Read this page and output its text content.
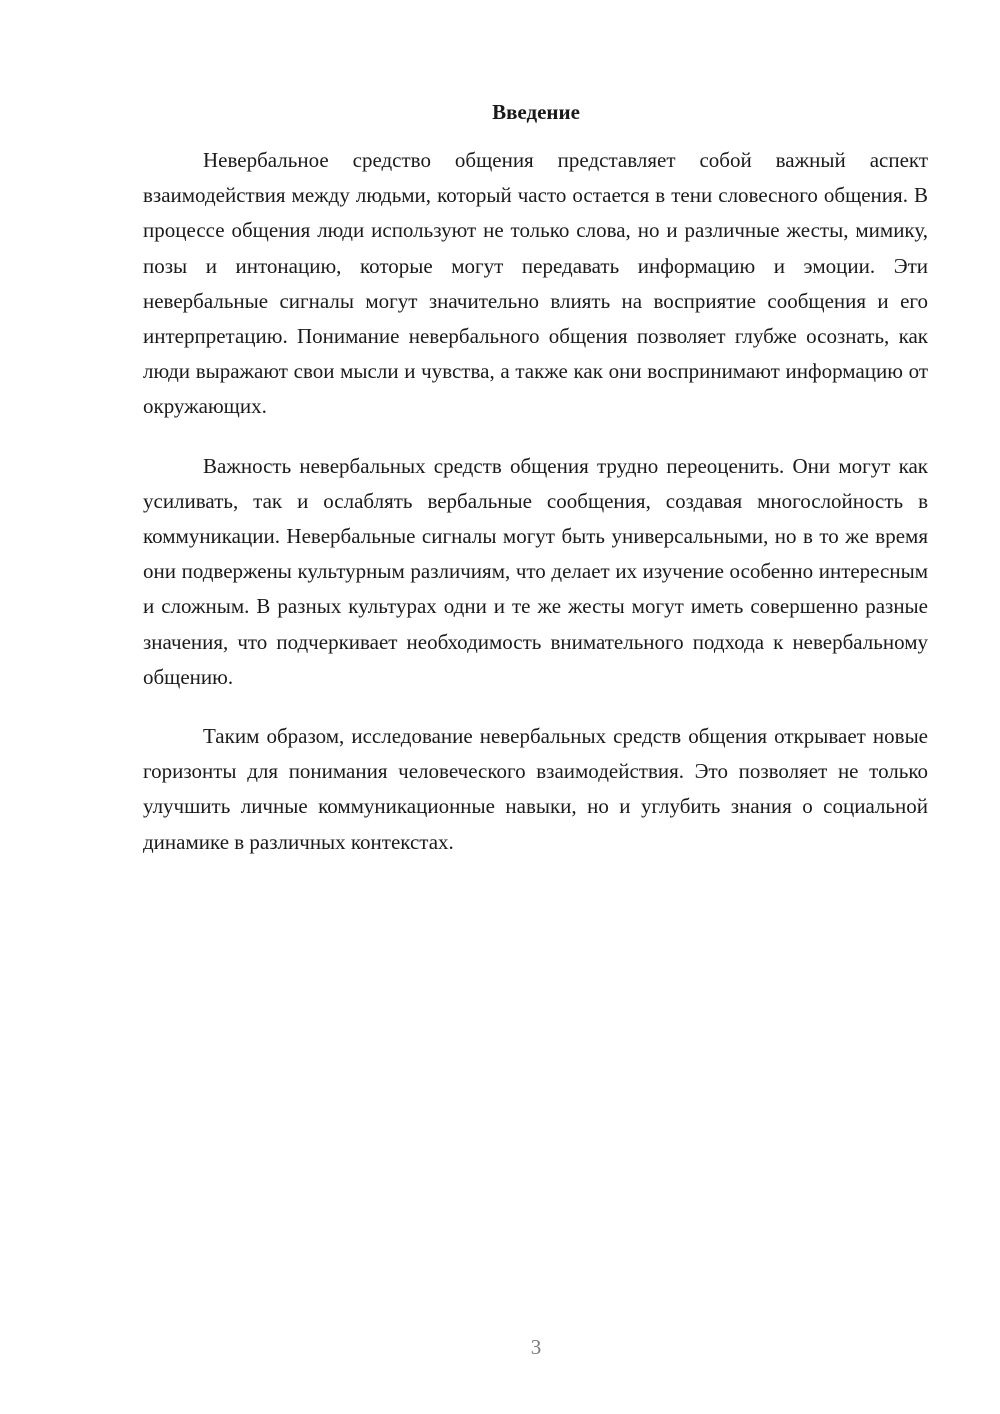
Введение

Невербальное средство общения представляет собой важный аспект взаимодействия между людьми, который часто остается в тени словесного общения. В процессе общения люди используют не только слова, но и различные жесты, мимику, позы и интонацию, которые могут передавать информацию и эмоции. Эти невербальные сигналы могут значительно влиять на восприятие сообщения и его интерпретацию. Понимание невербального общения позволяет глубже осознать, как люди выражают свои мысли и чувства, а также как они воспринимают информацию от окружающих.

Важность невербальных средств общения трудно переоценить. Они могут как усиливать, так и ослаблять вербальные сообщения, создавая многослойность в коммуникации. Невербальные сигналы могут быть универсальными, но в то же время они подвержены культурным различиям, что делает их изучение особенно интересным и сложным. В разных культурах одни и те же жесты могут иметь совершенно разные значения, что подчеркивает необходимость внимательного подхода к невербальному общению.

Таким образом, исследование невербальных средств общения открывает новые горизонты для понимания человеческого взаимодействия. Это позволяет не только улучшить личные коммуникационные навыки, но и углубить знания о социальной динамике в различных контекстах.

3
